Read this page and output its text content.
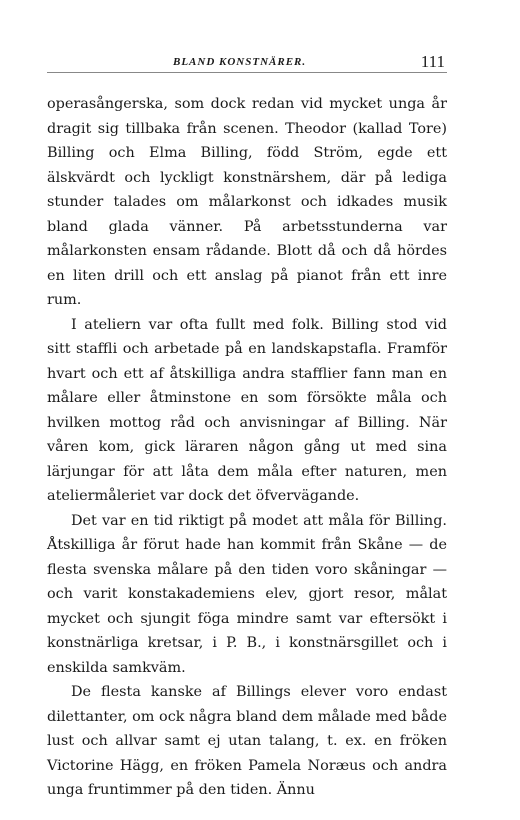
BLAND KONSTNÄRER.	111

operasångerska, som dock redan vid mycket unga år dragit sig tillbaka från scenen. Theodor (kallad Tore) Billing och Elma Billing, född Ström, egde ett älskvärdt och lyckligt konstnärshem, där på lediga stunder talades om målarkonst och idkades musik bland glada vänner. På arbetsstunderna var målarkonsten ensam rådande. Blott då och då hördes en liten drill och ett anslag på pianot från ett inre rum.

I ateliern var ofta fullt med folk. Billing stod vid sitt staffli och arbetade på en landskapstafla. Framför hvart och ett af åtskilliga andra stafflier fann man en målare eller åtminstone en som försökte måla och hvilken mottog råd och anvisningar af Billing. När våren kom, gick läraren någon gång ut med sina lärjungar för att låta dem måla efter naturen, men ateliermåleriet var dock det öfvervägande.

Det var en tid riktigt på modet att måla för Billing. Åtskilliga år förut hade han kommit från Skåne — de flesta svenska målare på den tiden voro skåningar — och varit konstakademiens elev, gjort resor, målat mycket och sjungit föga mindre samt var eftersökt i konstnärliga kretsar, i P. B., i konstnärsgillet och i enskilda samkväm.

De flesta kanske af Billings elever voro endast dilettanter, om ock några bland dem målade med både lust och allvar samt ej utan talang, t. ex. en fröken Victorine Hägg, en fröken Pamela Noræus och andra unga fruntimmer på den tiden. Ännu
